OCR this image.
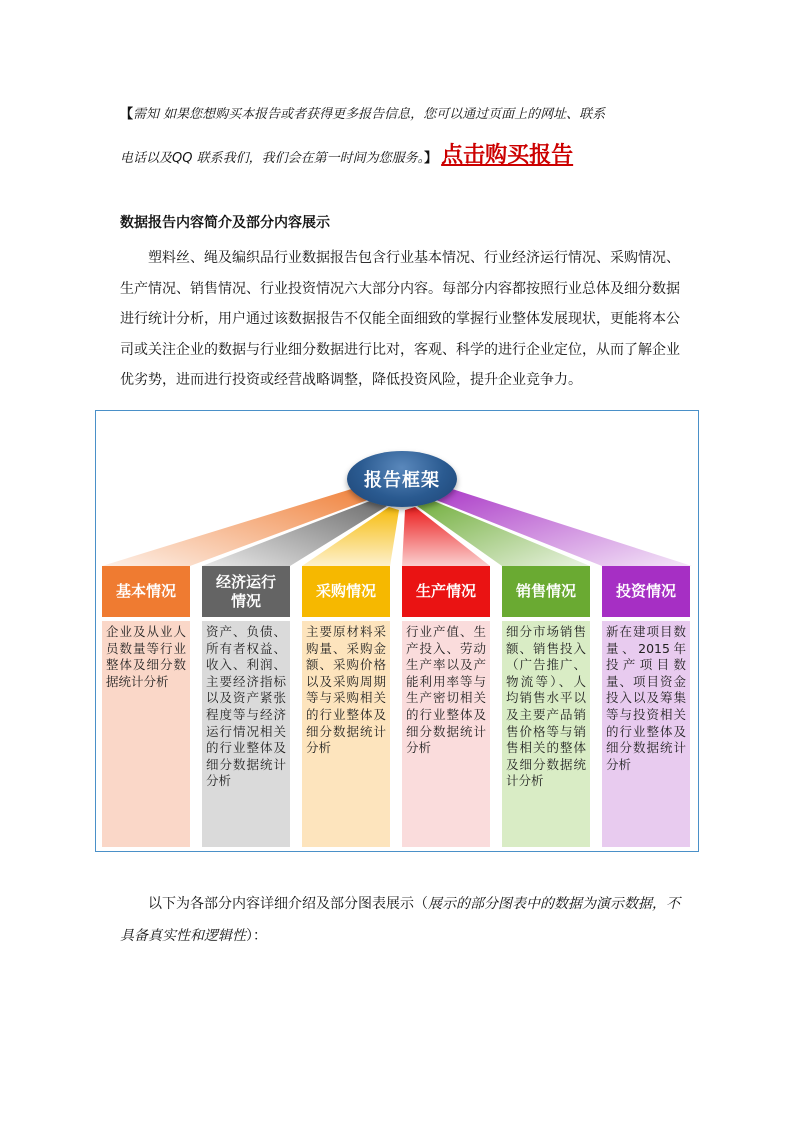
【需知 如果您想购买本报告或者获得更多报告信息，您可以通过页面上的网址、联系
电话以及QQ 联系我们，我们会在第一时间为您服务。】 点击购买报告
数据报告内容简介及部分内容展示

塑料丝、绳及编织品行业数据报告包含行业基本情况、行业经济运行情况、采购情况、生产情况、销售情况、行业投资情况六大部分内容。每部分内容都按照行业总体及细分数据进行统计分析，用户通过该数据报告不仅能全面细致的掌握行业整体发展现状，更能将本公司或关注企业的数据与行业细分数据进行比对，客观、科学的进行企业定位，从而了解企业优劣势，进而进行投资或经营战略调整，降低投资风险，提升企业竞争力。

报告框架
基本情况
企业及从业人员数量等行业整体及细分数据统计分析
经济运行
情况
资产、负债、所有者权益、收入、利润、主要经济指标以及资产紧张程度等与经济运行情况相关的行业整体及细分数据统计分析
采购情况
主要原材料采购量、采购金额、采购价格以及采购周期等与采购相关的行业整体及细分数据统计分析
生产情况
行业产值、生产投入、劳动生产率以及产能利用率等与生产密切相关的行业整体及细分数据统计分析
销售情况
细分市场销售额、销售投入（广告推广、物流等）、人均销售水平以及主要产品销售价格等与销售相关的整体及细分数据统计分析
投资情况
新在建项目数量、2015年投产项目数量、项目资金投入以及筹集等与投资相关的行业整体及细分数据统计分析
以下为各部分内容详细介绍及部分图表展示（展示的部分图表中的数据为演示数据，不具备真实性和逻辑性）：
